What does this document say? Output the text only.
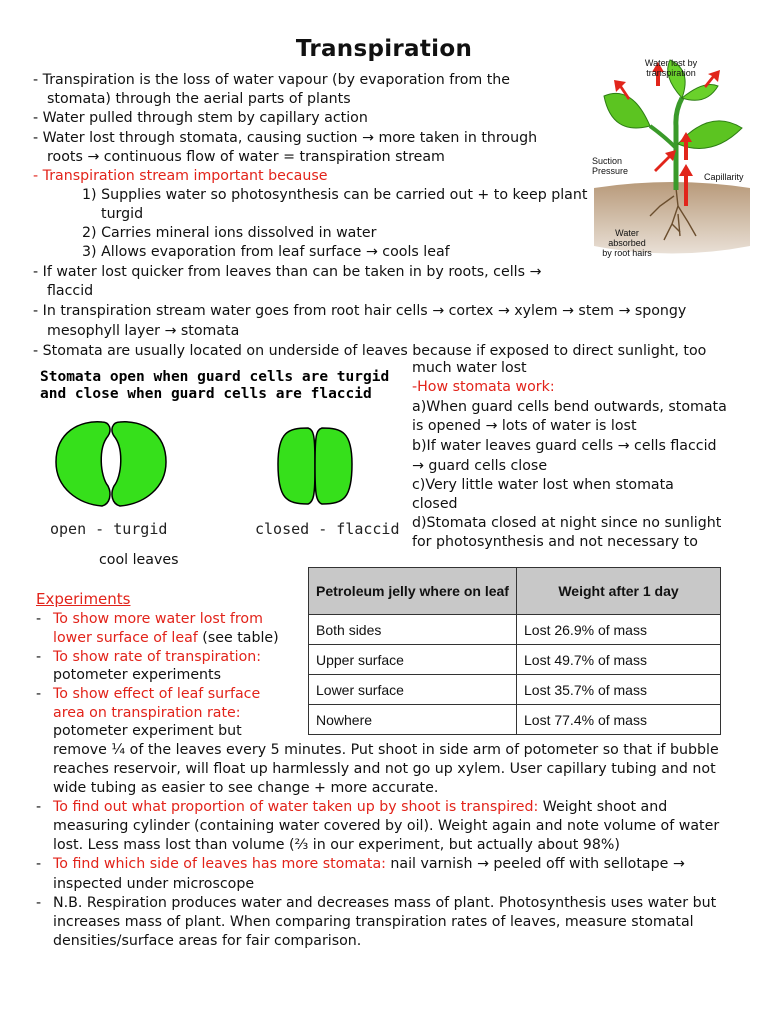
Transpiration
- Transpiration is the loss of water vapour (by evaporation from the
stomata) through the aerial parts of plants
- Water pulled through stem by capillary action
- Water lost through stomata, causing suction → more taken in through
roots → continuous flow of water = transpiration stream
- Transpiration stream important because
1) Supplies water so photosynthesis can be carried out + to keep plant
turgid
2) Carries mineral ions dissolved in water
3) Allows evaporation from leaf surface → cools leaf
- If water lost quicker from leaves than can be taken in by roots, cells →
flaccid
- In transpiration stream water goes from root hair cells → cortex → xylem → stem → spongy
mesophyll layer → stomata
- Stomata are usually located on underside of leaves because if exposed to direct sunlight, too
Water lost by
transpiration
Suction
Pressure
Capillarity
Water
absorbed
by root hairs
Stomata open when guard cells are turgid
and close when guard cells are flaccid
open - turgid	closed - flaccid
cool leaves
much water lost
-How stomata work:
a)When guard cells bend outwards, stomata
is opened → lots of water is lost
b)If water leaves guard cells → cells flaccid
→ guard cells close
c)Very little water lost when stomata
closed
d)Stomata closed at night since no sunlight
for photosynthesis and not necessary to
Experiments
- To show more water lost from
lower surface of leaf (see table)
- To show rate of transpiration:
potometer experiments
- To show effect of leaf surface
area on transpiration rate:
potometer experiment but
Petroleum jelly where on leaf	Weight after 1 day
Both sides	Lost 26.9% of mass
Upper surface	Lost 49.7% of mass
Lower surface	Lost 35.7% of mass
Nowhere	Lost 77.4% of mass
remove ¼ of the leaves every 5 minutes. Put shoot in side arm of potometer so that if bubble
reaches reservoir, will float up harmlessly and not go up xylem. User capillary tubing and not
wide tubing as easier to see change + more accurate.
- To find out what proportion of water taken up by shoot is transpired: Weight shoot and
measuring cylinder (containing water covered by oil). Weight again and note volume of water
lost. Less mass lost than volume (⅔ in our experiment, but actually about 98%)
- To find which side of leaves has more stomata: nail varnish → peeled off with sellotape →
inspected under microscope
- N.B. Respiration produces water and decreases mass of plant. Photosynthesis uses water but
increases mass of plant. When comparing transpiration rates of leaves, measure stomatal
densities/surface areas for fair comparison.
